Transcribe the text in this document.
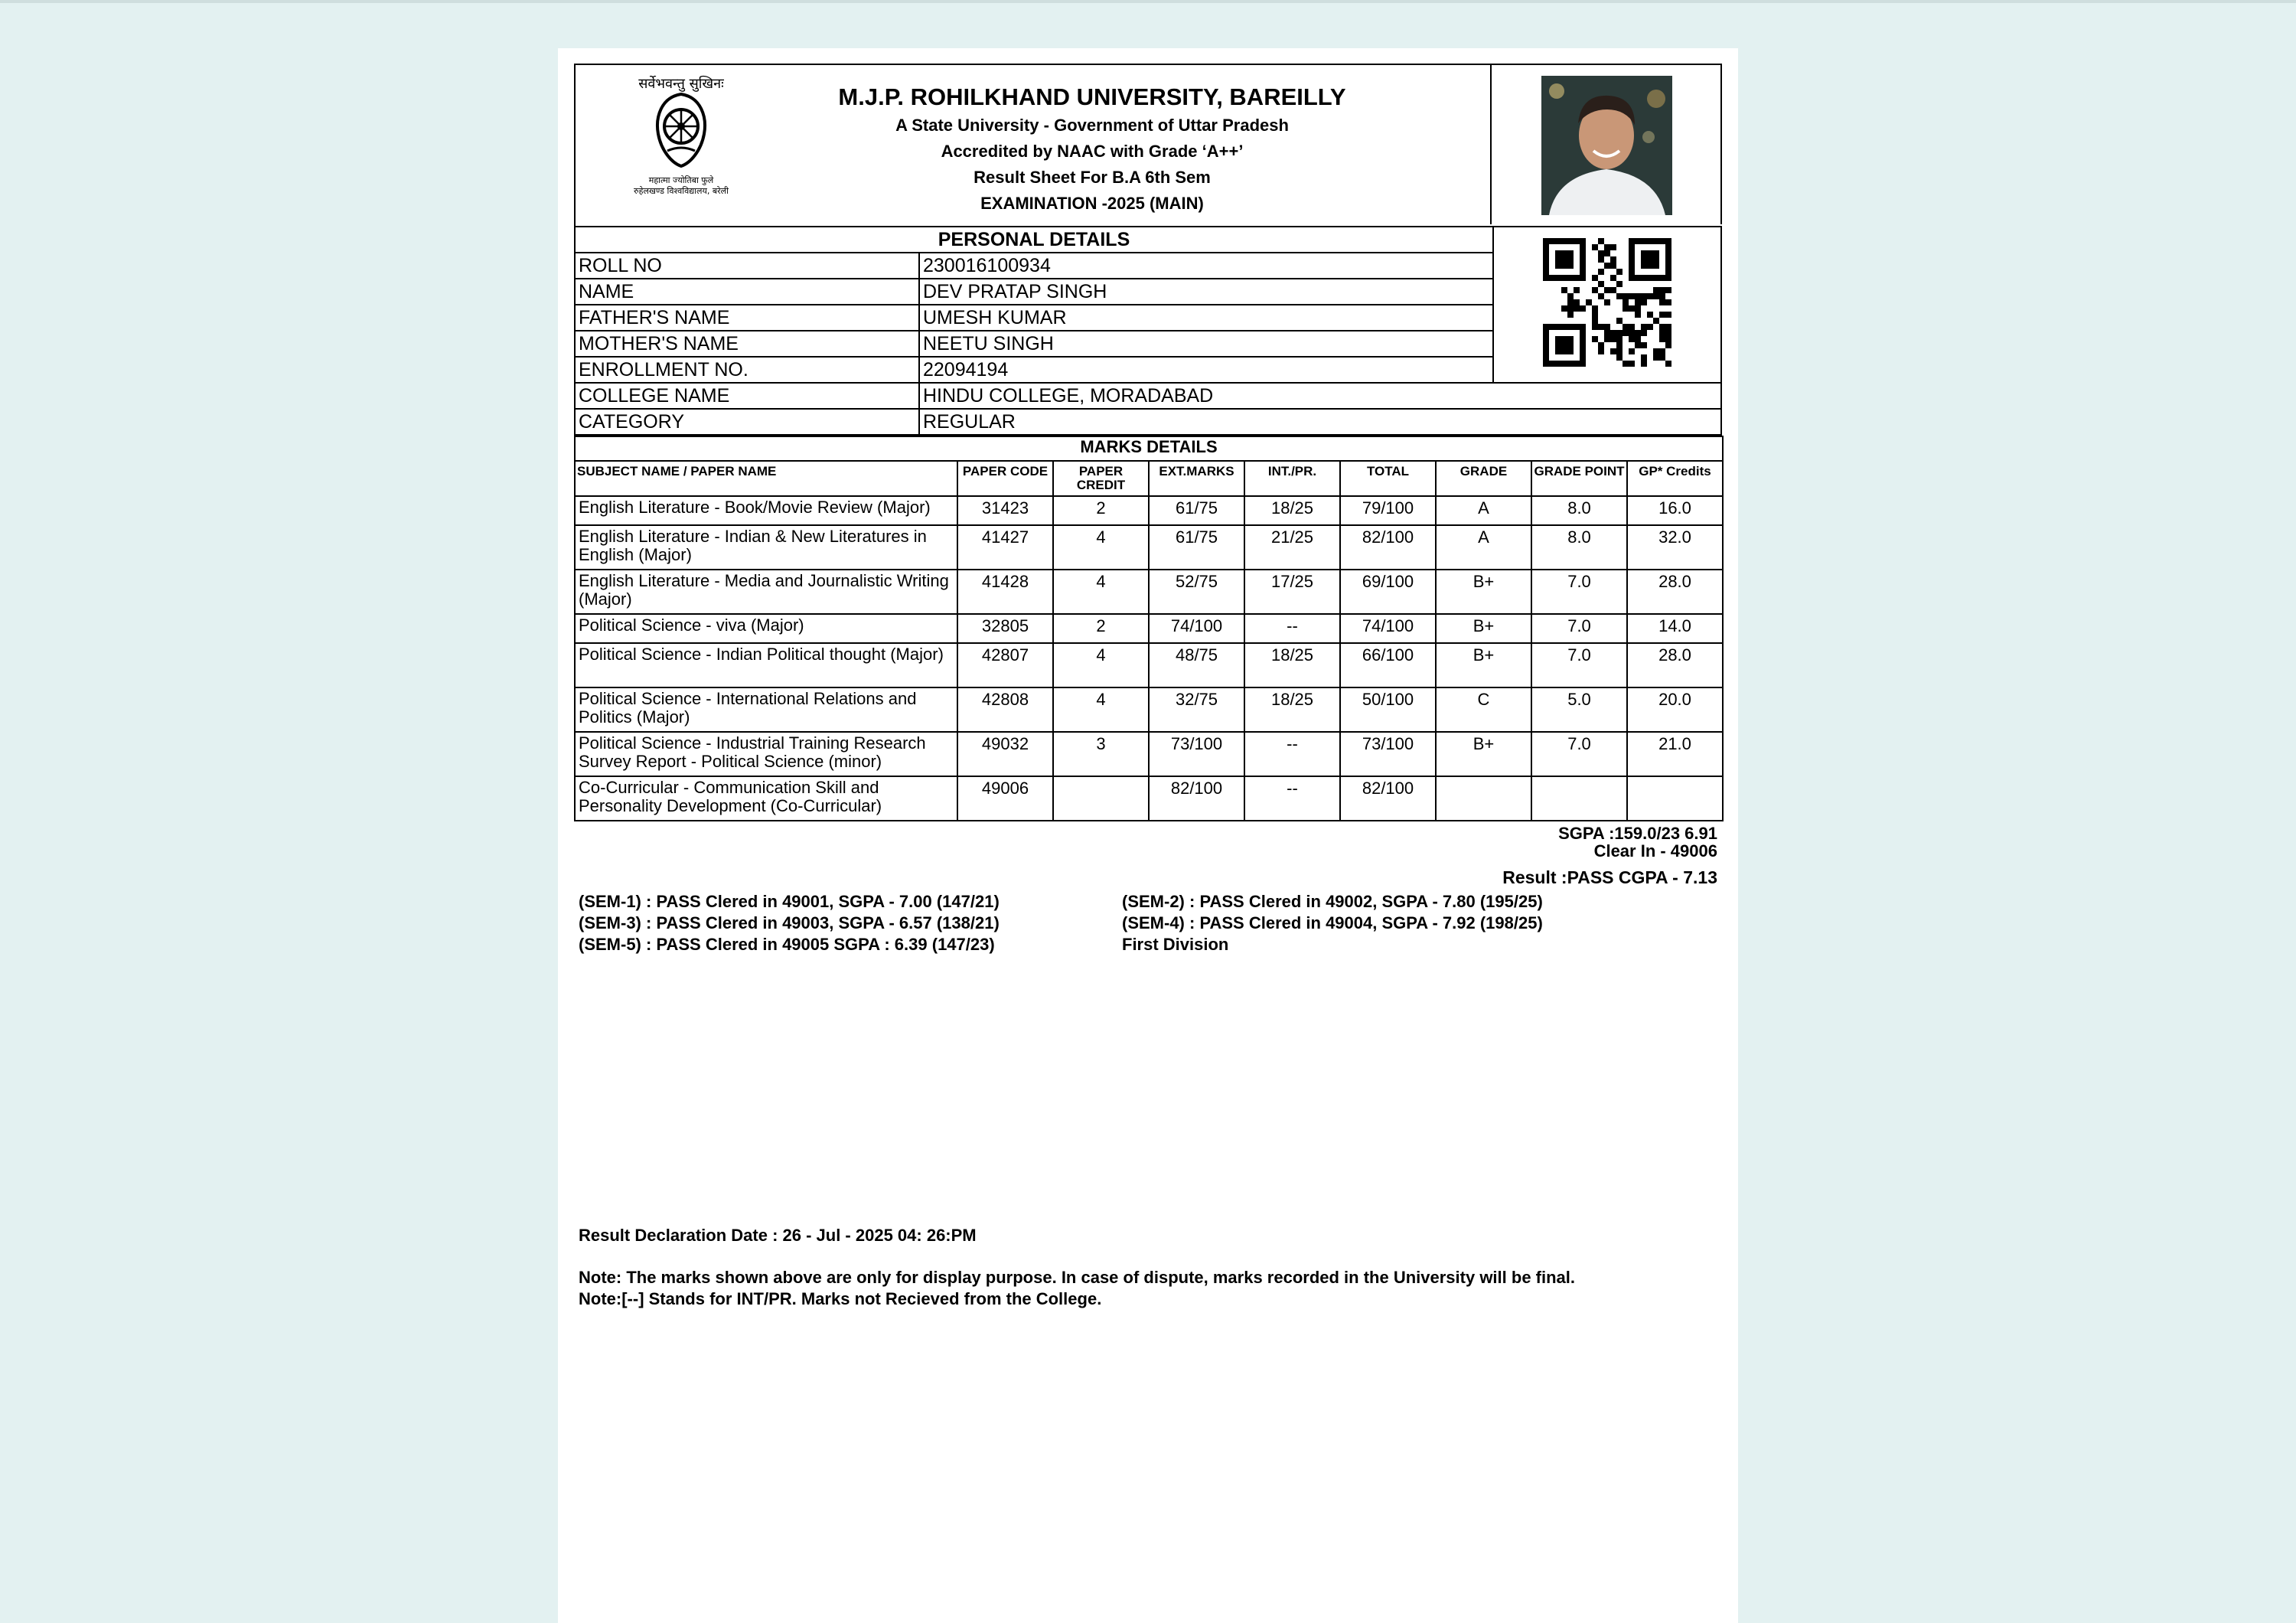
सर्वेभवन्तु सुखिनः
महात्मा ज्योतिबा फुले
रुहेलखण्ड विश्वविद्यालय, बरेली
M.J.P. ROHILKHAND UNIVERSITY, BAREILLY
A State University - Government of Uttar Pradesh
Accredited by NAAC with Grade ‘A++’
Result Sheet For B.A 6th Sem
EXAMINATION -2025 (MAIN)
PERSONAL DETAILS	
ROLL NO	230016100934	
NAME	DEV PRATAP SINGH	
FATHER'S NAME	UMESH KUMAR	
MOTHER'S NAME	NEETU SINGH	
ENROLLMENT NO.	22094194	
COLLEGE NAME	HINDU COLLEGE, MORADABAD	
CATEGORY	REGULAR	
MARKS DETAILS								
SUBJECT NAME / PAPER NAME	PAPER CODE	PAPER CREDIT	EXT.MARKS	INT./PR.	TOTAL	GRADE	GRADE POINT	GP* Credits
English Literature - Book/Movie Review (Major)	31423	2	61/75	18/25	79/100	A	8.0	16.0
English Literature - Indian & New Literatures in English (Major)	41427	4	61/75	21/25	82/100	A	8.0	32.0
English Literature - Media and Journalistic Writing (Major)	41428	4	52/75	17/25	69/100	B+	7.0	28.0
Political Science - viva (Major)	32805	2	74/100	--	74/100	B+	7.0	14.0
Political Science - Indian Political thought (Major)	42807	4	48/75	18/25	66/100	B+	7.0	28.0
Political Science - International Relations and Politics (Major)	42808	4	32/75	18/25	50/100	C	5.0	20.0
Political Science - Industrial Training Research Survey Report - Political Science (minor)	49032	3	73/100	--	73/100	B+	7.0	21.0
Co-Curricular - Communication Skill and Personality Development (Co-Curricular)	49006		82/100	--	82/100			
SGPA :159.0/23 6.91
Clear In - 49006
Result :PASS CGPA - 7.13
(SEM-1) : PASS Clered in 49001, SGPA - 7.00 (147/21)
(SEM-3) : PASS Clered in 49003, SGPA - 6.57 (138/21)
(SEM-5) : PASS Clered in 49005 SGPA : 6.39 (147/23)
(SEM-2) : PASS Clered in 49002, SGPA - 7.80 (195/25)
(SEM-4) : PASS Clered in 49004, SGPA - 7.92 (198/25)
First Division
Result Declaration Date : 26 - Jul - 2025 04: 26:PM
Note: The marks shown above are only for display purpose. In case of dispute, marks recorded in the University will be final.
Note:[--] Stands for INT/PR. Marks not Recieved from the College.
